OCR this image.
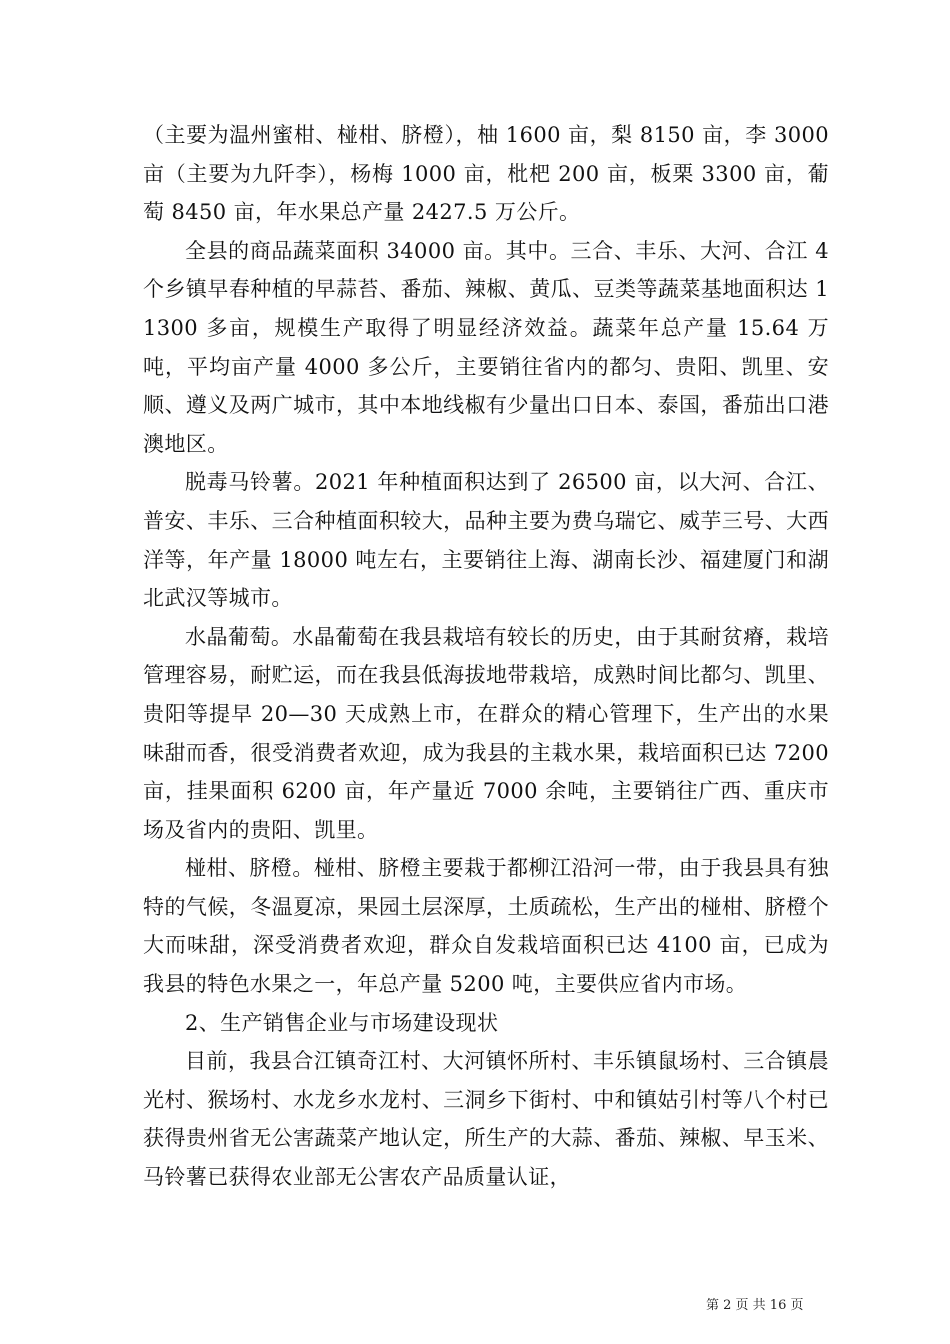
（主要为温州蜜柑、椪柑、脐橙），柚 1600 亩，梨 8150 亩，李 3000 亩（主要为九阡李），杨梅 1000 亩，枇杷 200 亩，板栗 3300 亩，葡萄 8450 亩，年水果总产量 2427.5 万公斤。

全县的商品蔬菜面积 34000 亩。其中。三合、丰乐、大河、合江 4 个乡镇早春种植的早蒜苔、番茄、辣椒、黄瓜、豆类等蔬菜基地面积达 11300 多亩，规模生产取得了明显经济效益。蔬菜年总产量 15.64 万吨，平均亩产量 4000 多公斤，主要销往省内的都匀、贵阳、凯里、安顺、遵义及两广城市，其中本地线椒有少量出口日本、泰国，番茄出口港澳地区。

脱毒马铃薯。2021 年种植面积达到了 26500 亩，以大河、合江、普安、丰乐、三合种植面积较大，品种主要为费乌瑞它、威芋三号、大西洋等，年产量 18000 吨左右，主要销往上海、湖南长沙、福建厦门和湖北武汉等城市。

水晶葡萄。水晶葡萄在我县栽培有较长的历史，由于其耐贫瘠，栽培管理容易，耐贮运，而在我县低海拔地带栽培，成熟时间比都匀、凯里、贵阳等提早 20—30 天成熟上市，在群众的精心管理下，生产出的水果味甜而香，很受消费者欢迎，成为我县的主栽水果，栽培面积已达 7200 亩，挂果面积 6200 亩，年产量近 7000 余吨，主要销往广西、重庆市场及省内的贵阳、凯里。

椪柑、脐橙。椪柑、脐橙主要栽于都柳江沿河一带，由于我县具有独特的气候，冬温夏凉，果园土层深厚，土质疏松，生产出的椪柑、脐橙个大而味甜，深受消费者欢迎，群众自发栽培面积已达 4100 亩，已成为我县的特色水果之一，年总产量 5200 吨，主要供应省内市场。

2、生产销售企业与市场建设现状

目前，我县合江镇奇江村、大河镇怀所村、丰乐镇鼠场村、三合镇晨光村、猴场村、水龙乡水龙村、三洞乡下街村、中和镇姑引村等八个村已获得贵州省无公害蔬菜产地认定，所生产的大蒜、番茄、辣椒、早玉米、马铃薯已获得农业部无公害农产品质量认证，

第 2 页 共 16 页
